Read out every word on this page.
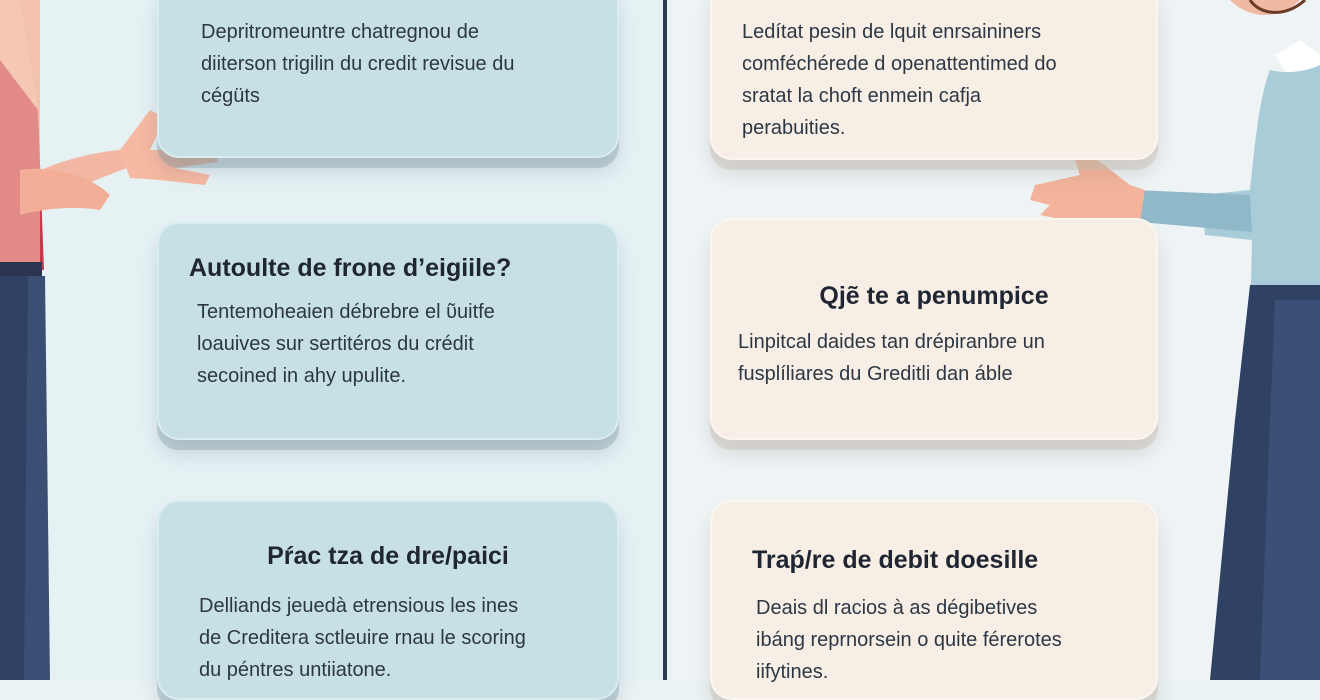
Depritromeuntre chatregnou de
diiterson trigilin du credit revisue du
cégüts

Autoulte de frone d’eigiile?

Tentemoheaien débrebre el ῦuitfe
loauives sur sertitéros du crédit
secoined in ahy upulite.

Pŕac tza de dre/paici

Delliands jeuedà etrensious les ines
de Creditera sctleuire rnau le scoring
du péntres untiiatone.

Ledítat pesin de lquit enrsaininers
comféchérede d openattentimed do
sratat la choft enmein cafja
perabuities.

Qjẽ te a penumpice

Linpitcal daides tan drépiranbre un
fusplíliares du Greditli dan áble

Traṕ/re de debit doesille

Deais dl racios à as dégibetives
ibáng reprnorsein o quite férerotes
iifytines.
